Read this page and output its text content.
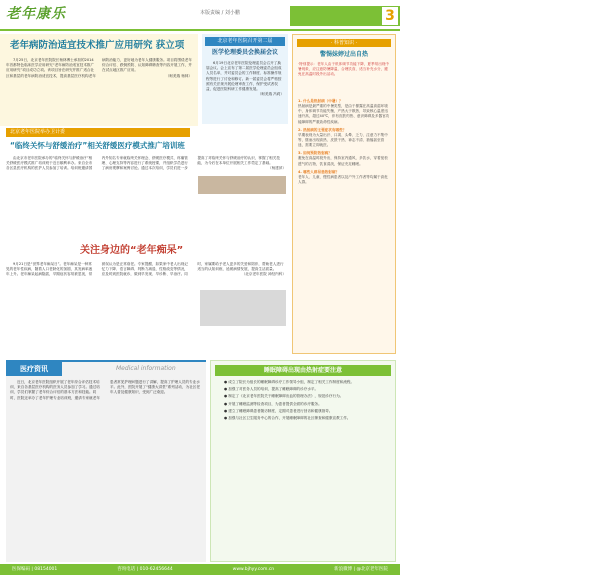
老年康乐	本版责编 / 刘小鹏	医学·科普
3
老年病防治适宜技术推广应用研究 获立项

7月25日，北京老年医院院长杨林博士承担的2014年首都特色临床医学应用研究“老年病防治适宜技术推广应用研究”项目成功立项。该项目旨在研究并推广适合社区和基层的老年病防治适宜技术，提高基层医疗机构老年病防治能力，更好地为老年人健康服务。项目将围绕老年综合评估、跌倒预防、认知障碍筛查等内容开展工作，并在试点地区推广应用。

（柯美瑞 杨林）

北京老年医院召开第二届
医学伦理委员会换届会议

6月19日北京老年医院伦理委员会召开了换届会议。会上宣布了第二届医学伦理委员会组成人员名单，并对委员会的工作制度、标准操作规程等进行了讨论和修订。新一届委员会将严格按照有关法规开展伦理审查工作，保护受试者权益，促进医院科研工作健康发展。

（柯美瑞 冯莉）

· 科普知识 ·
警惕妹婷过出自热
·特别提示：老年人由于机体调节功能下降，夏季易出现中暑现象，应注意防暑降温，合理饮食，适当补充水分，避免在高温时段外出活动。
1. 什么是热射病（中暑）？
热射病是最严重的中暑类型，是由于暴露在高温高湿环境中，身体调节功能失衡，产热大于散热，导致核心温度迅速升高，超过40℃，伴有皮肤灼热、意识障碍及多器官功能障碍的严重致命性疾病。
2. 热射病的主要症状有哪些？
早期表现为大量出汗、口渴、头晕、乏力、注意力不集中等，继而出现高热、皮肤干热、神志不清、抽搐甚至昏迷，需要立即就医。
3. 如何预防热射病？
避免在高温时段外出，保持室内通风，多饮水，穿着宽松透气的衣物，饮食清淡，保证充足睡眠。
4. 哪些人群易患热射病？
老年人、儿童、慢性病患者以及户外工作者等均属于高危人群。
北京老年医院举办卫计委
“临终关怀与舒缓治疗”相关舒缓医疗模式推广培训班

由北京市老年医院承办的“临终关怀与舒缓治疗”相关舒缓医疗模式推广培训班于近日顺利举办。来自全市各区县医疗机构的医护人员参加了培训。培训班邀请国内外知名专家就临终关怀理念、舒缓医疗模式、疼痛管理、心理支持等内容进行了系统授课，并组织学员进行了病房观摩和案例讨论。通过本次培训，学员们进一步提高了对临终关怀与舒缓治疗的认识，掌握了相关技能，为今后在本单位开展相关工作奠定了基础。

（杨建萍）

关注身边的“老年痴呆”

9月21日是“世界老年痴呆日”。老年痴呆是一种常见的老年性疾病，随着人口老龄化的加剧，其发病率逐年上升。老年痴呆起病隐匿，早期症状容易被忽视，常被误认为是正常衰老。专家提醒，如果家中老人出现记忆力下降、语言障碍、判断力减退、性格改变等情况，应及时到医院就诊，做到早发现、早诊断、早治疗。同时，家属要给予老人更多的关爱和陪伴，帮助老人进行适当的认知训练，延缓病情发展，提高生活质量。

（北京老年医院 神经内科）

医疗资讯	Medical information

近日，北京老年医院组织开展了老年综合评估技术培训，来自各基层医疗机构的医务人员参加了学习。通过培训，学员们掌握了老年综合评估的基本方法和技能。同时，医院还举办了老年护理专业培训班，邀请专家就老年患者常见护理问题进行了讲解，提高了护理人员的专业水平。此外，医院开展了“健康大讲堂”系列活动，为社区老年人普及健康知识，受到广泛欢迎。

睡眠障碍出现由热射症要注意

● 成立了院长为组长的睡眠障碍诊疗工作领导小组，制定了相关工作制度和流程。

● 加强了对医务人员的培训，提高了睡眠障碍的诊疗水平。

● 制定了《北京老年医院关于睡眠障碍出血的管理办法》，规范诊疗行为。

● 开展了睡眠监测等检查项目，为患者提供全面的诊疗服务。

● 建立了睡眠障碍患者随访制度，定期对患者进行回访和健康指导。

● 加强与社区卫生服务中心的合作，开展睡眠障碍的社区筛查和健康宣教工作。

医保编码 | 08154001	咨询电话 | 010-62456644	www.bjhyy.com.cn	新浪微博 | @北京老年医院
